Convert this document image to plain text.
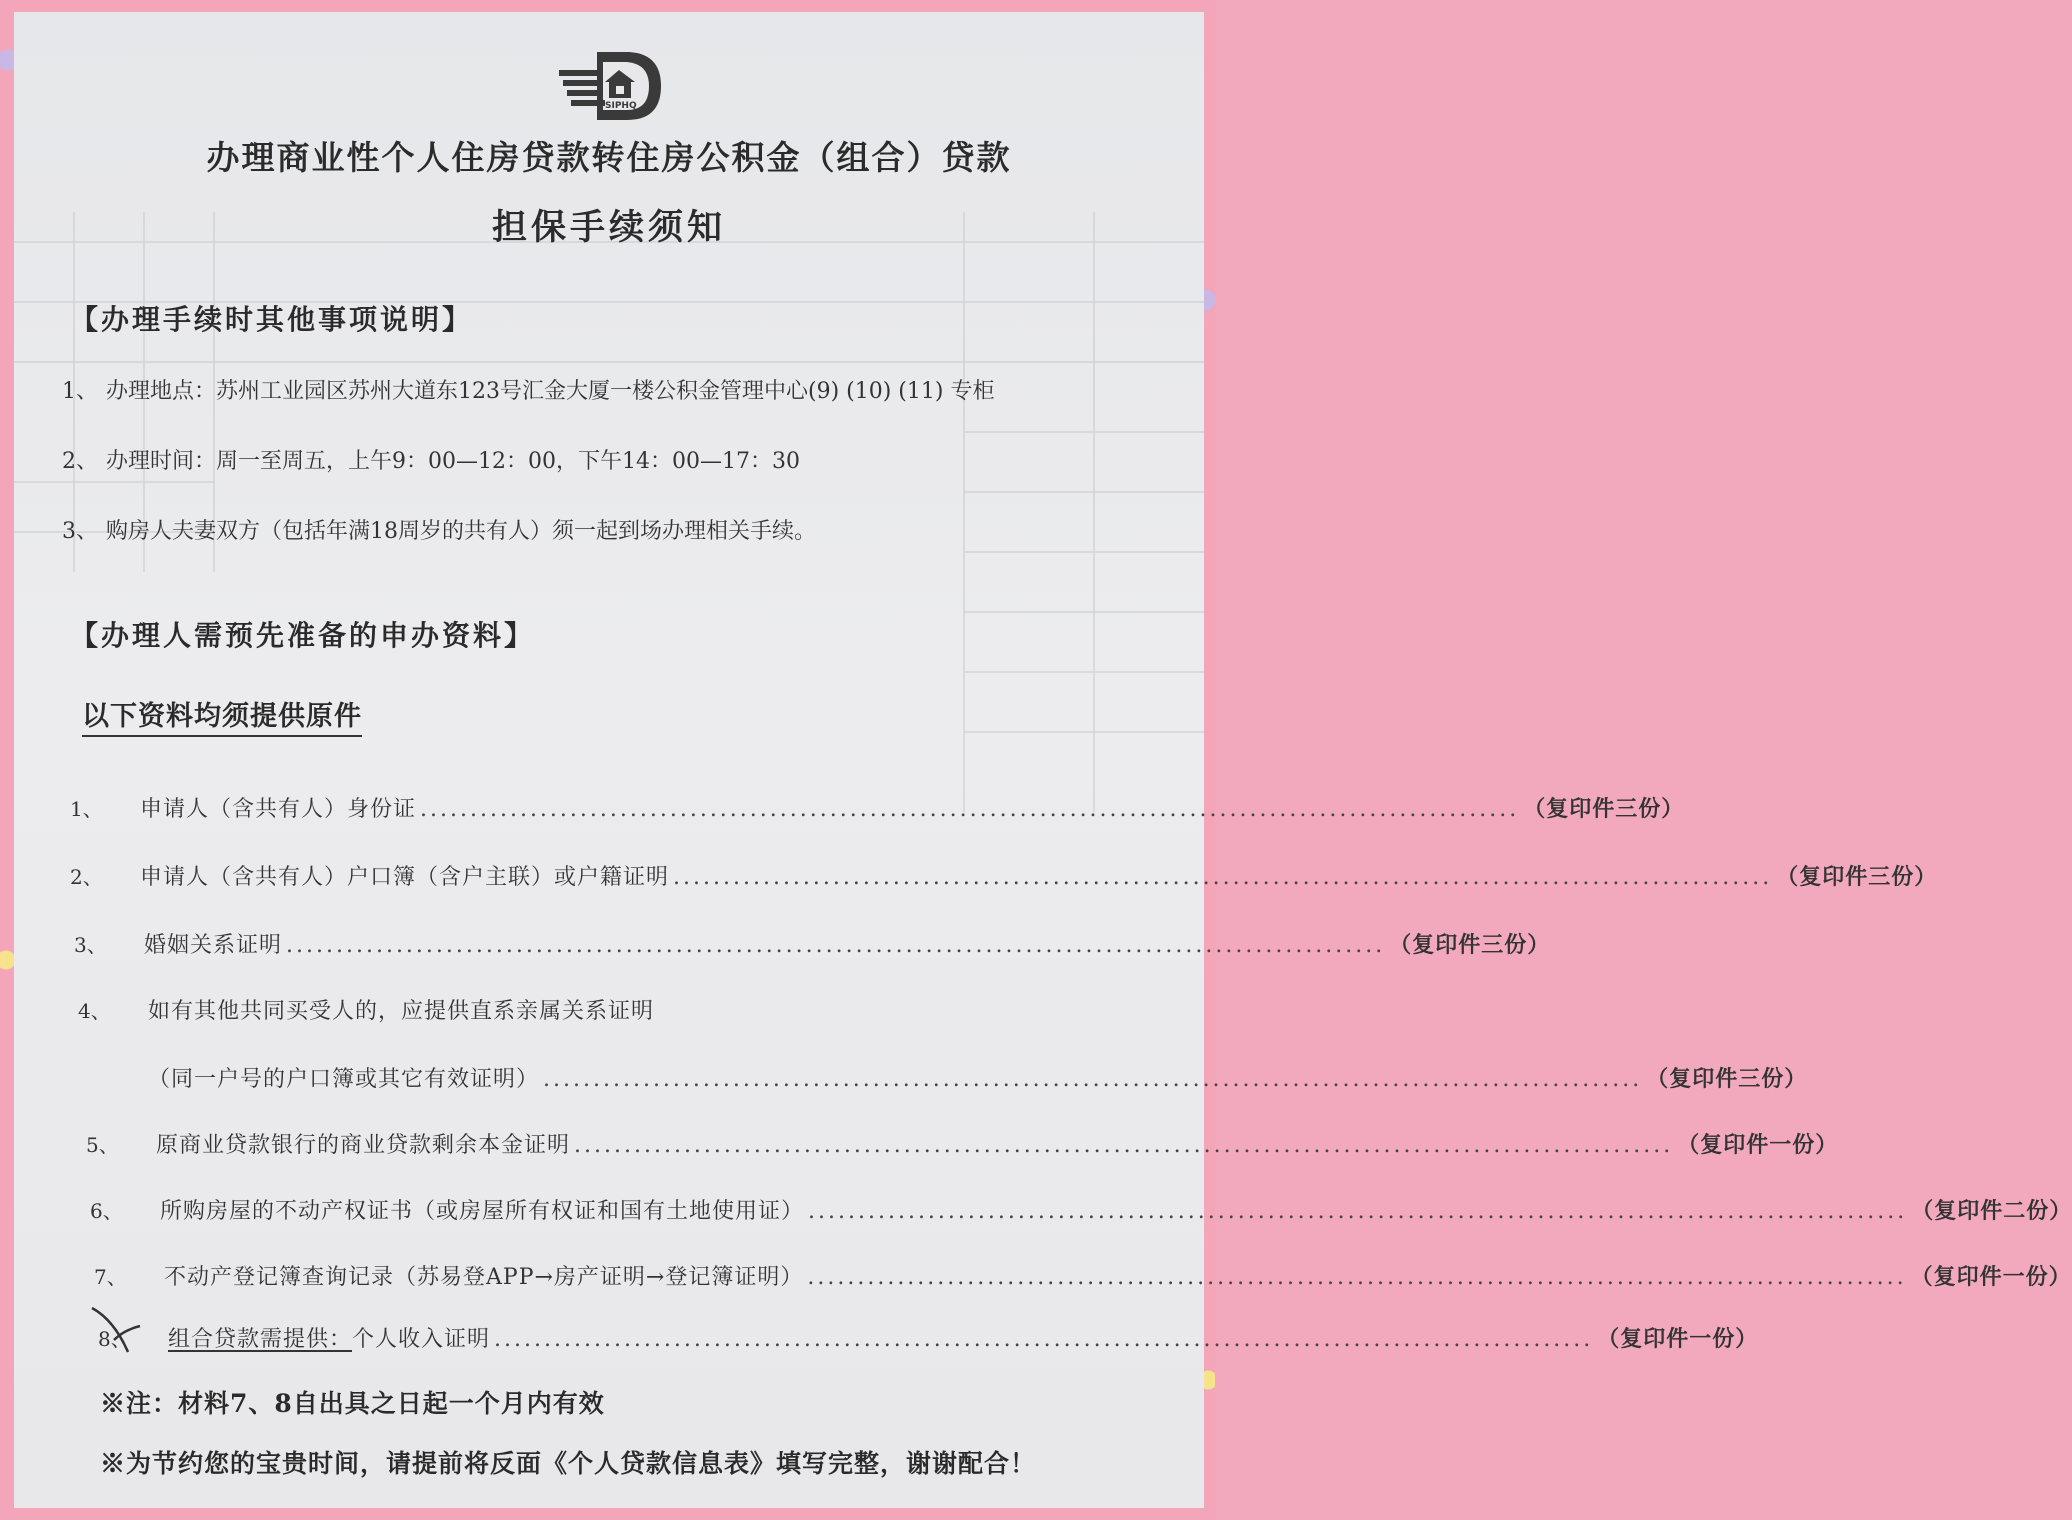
SIPHQ
办理商业性个人住房贷款转住房公积金（组合）贷款
担保手续须知
【办理手续时其他事项说明】
1、 办理地点：苏州工业园区苏州大道东123号汇金大厦一楼公积金管理中心(9) (10) (11) 专柜
2、 办理时间：周一至周五，上午9：00—12：00，下午14：00—17：30
3、 购房人夫妻双方（包括年满18周岁的共有人）须一起到场办理相关手续。
【办理人需预先准备的申办资料】
以下资料均须提供原件
1、	申请人（含共有人）身份证 .............................................................................................................. （复印件三份）
2、	申请人（含共有人）户口簿（含户主联）或户籍证明 .............................................................................................................. （复印件三份）
3、	婚姻关系证明 .............................................................................................................. （复印件三份）
4、	如有其他共同买受人的，应提供直系亲属关系证明
（同一户号的户口簿或其它有效证明） .............................................................................................................. （复印件三份）
5、	原商业贷款银行的商业贷款剩余本金证明 .............................................................................................................. （复印件一份）
6、	所购房屋的不动产权证书（或房屋所有权证和国有土地使用证） .............................................................................................................. （复印件二份）
7、	不动产登记簿查询记录（苏易登APP→房产证明→登记簿证明） .............................................................................................................. （复印件一份）
8、	组合贷款需提供： 个人收入证明 .............................................................................................................. （复印件一份）
※注：材料7、8自出具之日起一个月内有效
※为节约您的宝贵时间，请提前将反面《个人贷款信息表》填写完整，谢谢配合！
